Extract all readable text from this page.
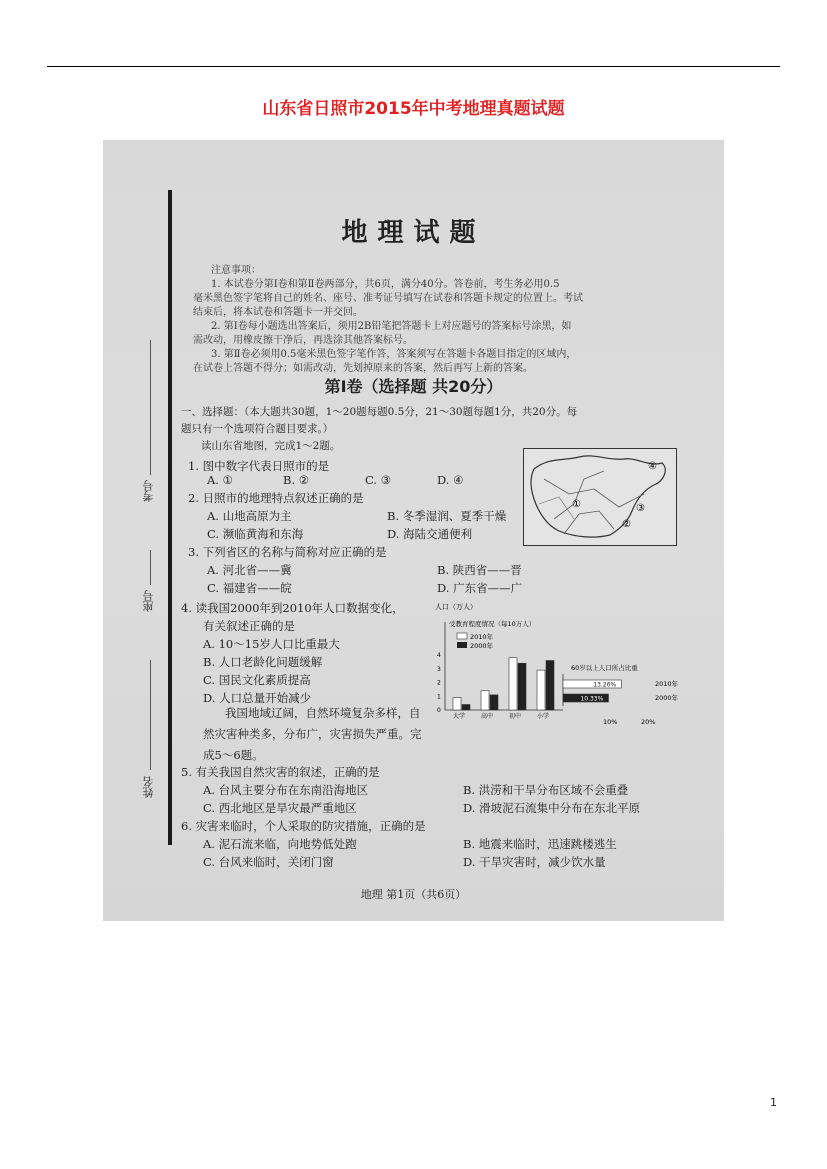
山东省日照市2015年中考地理真题试题
考号
座号
姓名
地理试题

注意事项：

1. 本试卷分第Ⅰ卷和第Ⅱ卷两部分，共6页，满分40分。答卷前，考生务必用0.5

毫米黑色签字笔将自己的姓名、座号、准考证号填写在试卷和答题卡规定的位置上。考试

结束后，将本试卷和答题卡一并交回。

2. 第Ⅰ卷每小题选出答案后，须用2B铅笔把答题卡上对应题号的答案标号涂黑，如

需改动，用橡皮擦干净后，再选涂其他答案标号。

3. 第Ⅱ卷必须用0.5毫米黑色签字笔作答，答案须写在答题卡各题目指定的区域内，

在试卷上答题不得分；如需改动，先划掉原来的答案，然后再写上新的答案。

第Ⅰ卷（选择题 共20分）

一、选择题：（本大题共30题，1～20题每题0.5分，21～30题每题1分，共20分。每

题只有一个选项符合题目要求。）

读山东省地图，完成1～2题。

①
②
③
④
1. 图中数字代表日照市的是
A. ①	B. ②	C. ③	D. ④
2. 日照市的地理特点叙述正确的是
A. 山地高原为主	B. 冬季湿润、夏季干燥
C. 濒临黄海和东海	D. 海陆交通便利
3. 下列省区的名称与简称对应正确的是
A. 河北省——冀	B. 陕西省——晋
C. 福建省——皖	D. 广东省——广
4. 读我国2000年到2010年人口数据变化，
有关叙述正确的是
A. 10～15岁人口比重最大
B. 人口老龄化问题缓解
C. 国民文化素质提高
D. 人口总量开始减少
人口（万人）
受教育程度情况（每10万人）
0
1
2
3
4
大学	高中	初中	小学
2010年
2000年
60岁以上人口所占比重
13.26%
10.33%
10%	20%
2010年
2000年

我国地域辽阔，自然环境复杂多样，自

然灾害种类多，分布广，灾害损失严重。完

成5～6题。

5. 有关我国自然灾害的叙述，正确的是
A. 台风主要分布在东南沿海地区	B. 洪涝和干旱分布区域不会重叠
C. 西北地区是旱灾最严重地区	D. 滑坡泥石流集中分布在东北平原
6. 灾害来临时，个人采取的防灾措施，正确的是
A. 泥石流来临，向地势低处跑	B. 地震来临时，迅速跳楼逃生
C. 台风来临时，关闭门窗	D. 干旱灾害时，减少饮水量
地理 第1页（共6页）
1
